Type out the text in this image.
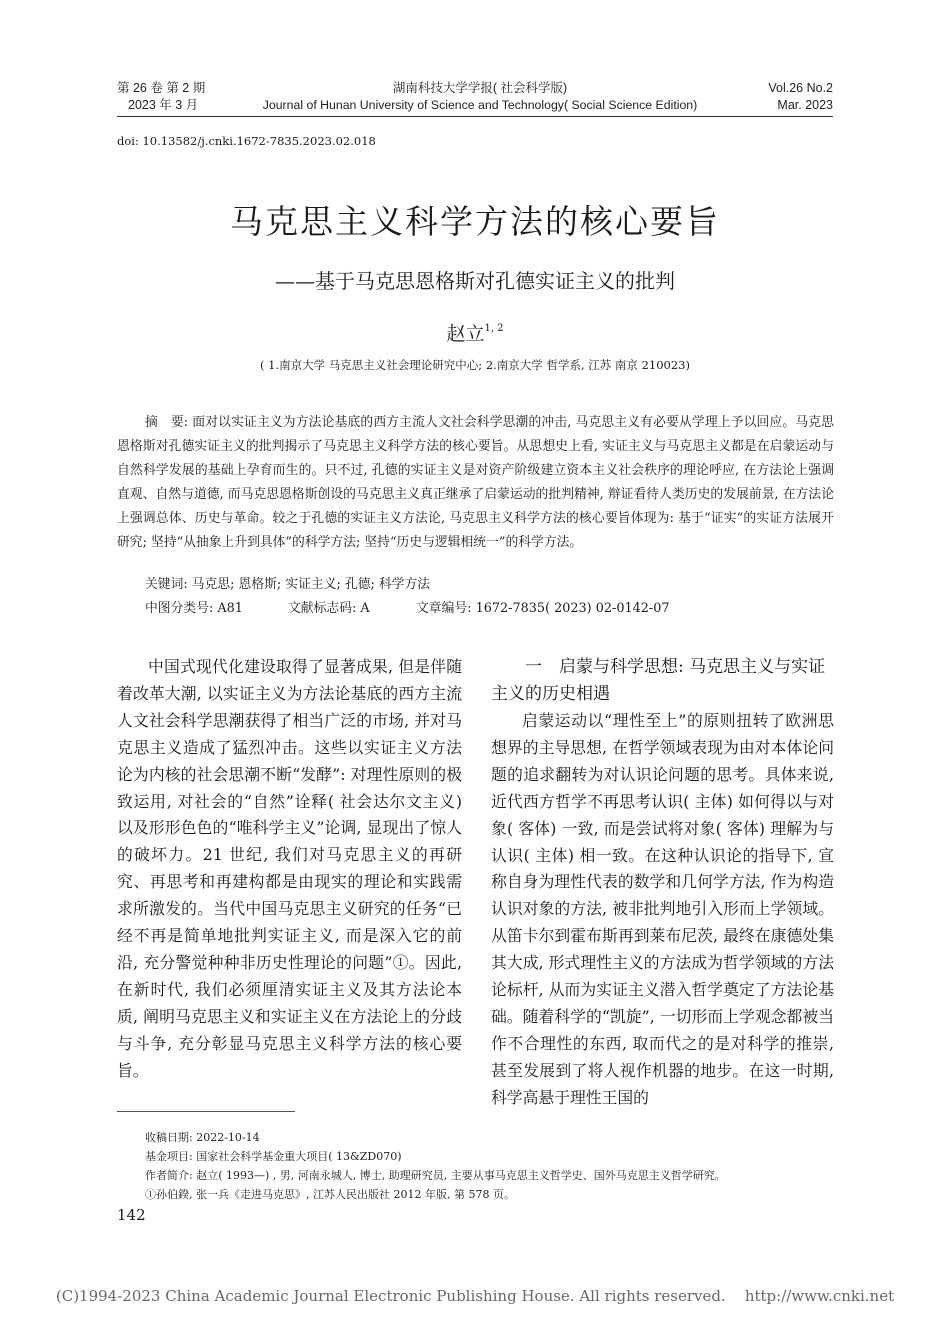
第 26 卷 第 2 期
2023 年 3 月
湖南科技大学学报( 社会科学版)
Journal of Hunan University of Science and Technology( Social Science Edition)
Vol.26 No.2
Mar. 2023
doi: 10.13582/j.cnki.1672-7835.2023.02.018
马克思主义科学方法的核心要旨
——基于马克思恩格斯对孔德实证主义的批判
赵立$^{1, 2}$
( 1.南京大学 马克思主义社会理论研究中心; 2.南京大学 哲学系, 江苏 南京 210023)

摘　要: 面对以实证主义为方法论基底的西方主流人文社会科学思潮的冲击, 马克思主义有必要从学理上予以回应。马克思恩格斯对孔德实证主义的批判揭示了马克思主义科学方法的核心要旨。从思想史上看, 实证主义与马克思主义都是在启蒙运动与自然科学发展的基础上孕育而生的。只不过, 孔德的实证主义是对资产阶级建立资本主义社会秩序的理论呼应, 在方法论上强调直观、自然与道德, 而马克思恩格斯创设的马克思主义真正继承了启蒙运动的批判精神, 辩证看待人类历史的发展前景, 在方法论上强调总体、历史与革命。较之于孔德的实证主义方法论, 马克思主义科学方法的核心要旨体现为: 基于“证实”的实证方法展开研究; 坚持“从抽象上升到具体”的科学方法; 坚持“历史与逻辑相统一”的科学方法。

关键词: 马克思; 恩格斯; 实证主义; 孔德; 科学方法
中图分类号: A81	文献标志码: A	文章编号: 1672-7835( 2023) 02-0142-07

中国式现代化建设取得了显著成果, 但是伴随着改革大潮, 以实证主义为方法论基底的西方主流人文社会科学思潮获得了相当广泛的市场, 并对马克思主义造成了猛烈冲击。这些以实证主义方法论为内核的社会思潮不断“发酵”: 对理性原则的极致运用, 对社会的“自然”诠释( 社会达尔文主义) 以及形形色色的“唯科学主义”论调, 显现出了惊人的破坏力。21 世纪, 我们对马克思主义的再研究、再思考和再建构都是由现实的理论和实践需求所激发的。当代中国马克思主义研究的任务“已经不再是简单地批判实证主义, 而是深入它的前沿, 充分警觉种种非历史性理论的问题”①。因此, 在新时代, 我们必须厘清实证主义及其方法论本质, 阐明马克思主义和实证主义在方法论上的分歧与斗争, 充分彰显马克思主义科学方法的核心要旨。

一　启蒙与科学思想: 马克思主义与实证主义的历史相遇

启蒙运动以“理性至上”的原则扭转了欧洲思想界的主导思想, 在哲学领域表现为由对本体论问题的追求翻转为对认识论问题的思考。具体来说, 近代西方哲学不再思考认识( 主体) 如何得以与对象( 客体) 一致, 而是尝试将对象( 客体) 理解为与认识( 主体) 相一致。在这种认识论的指导下, 宣称自身为理性代表的数学和几何学方法, 作为构造认识对象的方法, 被非批判地引入形而上学领域。从笛卡尔到霍布斯再到莱布尼茨, 最终在康德处集其大成, 形式理性主义的方法成为哲学领域的方法论标杆, 从而为实证主义潜入哲学奠定了方法论基础。随着科学的“凯旋”, 一切形而上学观念都被当作不合理性的东西, 取而代之的是对科学的推崇, 甚至发展到了将人视作机器的地步。在这一时期, 科学高悬于理性王国的

收稿日期: 2022-10-14
基金项目: 国家社会科学基金重大项目( 13&ZD070)
作者简介: 赵立( 1993—) , 男, 河南永城人, 博士, 助理研究员, 主要从事马克思主义哲学史、国外马克思主义哲学研究。
①孙伯鍨, 张一兵《走进马克思》, 江苏人民出版社 2012 年版, 第 578 页。
142
(C)1994-2023 China Academic Journal Electronic Publishing House. All rights reserved.    http://www.cnki.net
